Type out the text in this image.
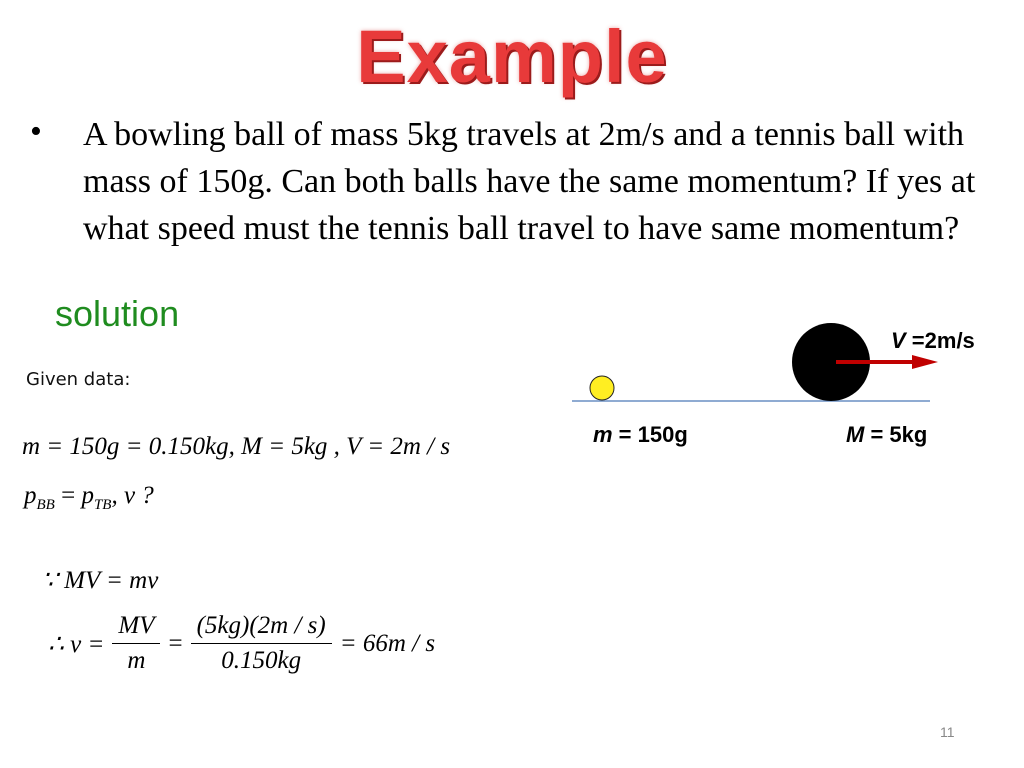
Example
• A bowling ball of mass 5kg travels at 2m/s and a tennis ball with mass of 150g. Can both balls have the same momentum? If yes at what speed must the tennis ball travel to have same momentum?
solution
Given data:
m = 150g = 0.150kg, M = 5kg , V = 2m / s
$p_{BB} = p_{TB}$, v ?
∵ MV = mv
∴ $v = \frac{MV}{m} = \frac{(5kg)(2m / s)}{0.150kg} = 66m / s$
m = 150g	M = 5kg
V =2m/s
11
